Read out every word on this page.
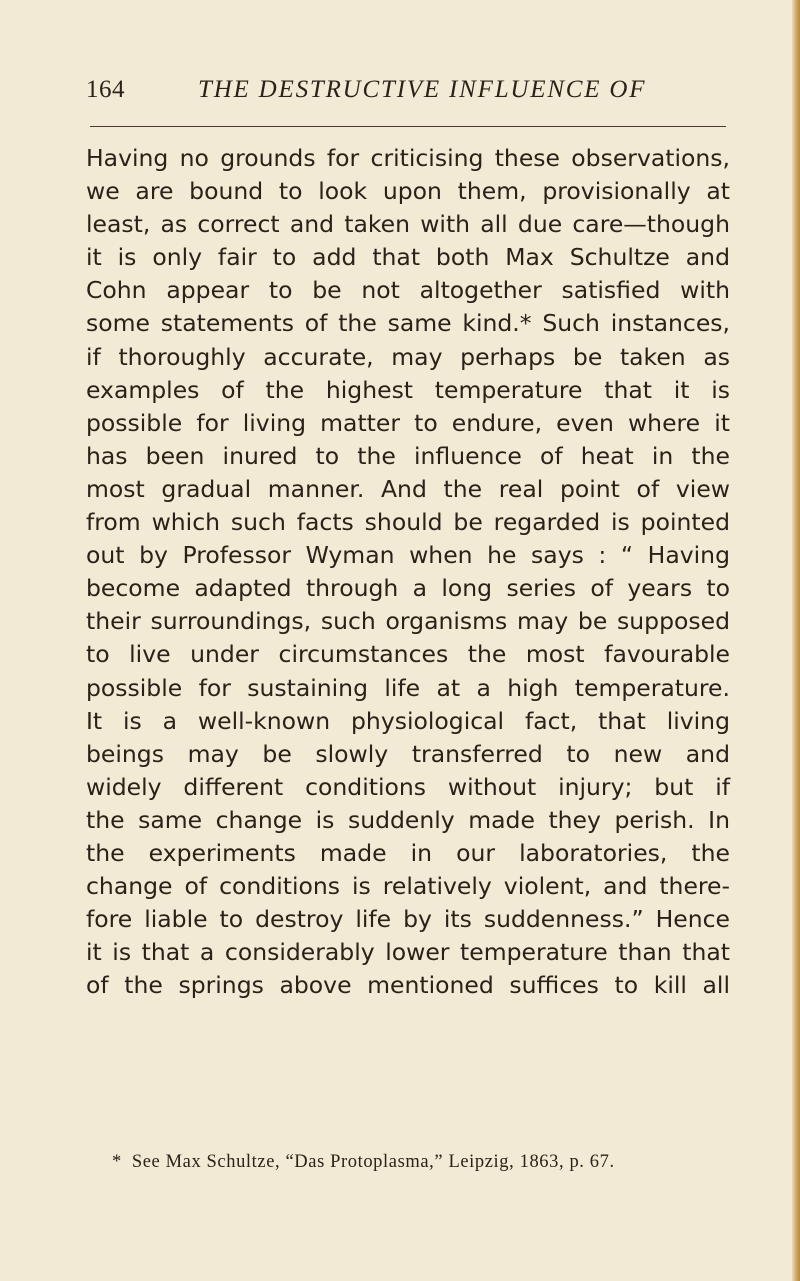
164	THE DESTRUCTIVE INFLUENCE OF
Having no grounds for criticising these observations,
we are bound to look upon them, provisionally at
least, as correct and taken with all due care—though
it is only fair to add that both Max Schultze and
Cohn appear to be not altogether satisfied with
some statements of the same kind.* Such instances,
if thoroughly accurate, may perhaps be taken as
examples of the highest temperature that it is
possible for living matter to endure, even where it
has been inured to the influence of heat in the
most gradual manner. And the real point of view
from which such facts should be regarded is pointed
out by Professor Wyman when he says : “ Having
become adapted through a long series of years to
their surroundings, such organisms may be supposed
to live under circumstances the most favourable
possible for sustaining life at a high temperature.
It is a well-known physiological fact, that living
beings may be slowly transferred to new and
widely different conditions without injury; but if
the same change is suddenly made they perish. In
the experiments made in our laboratories, the
change of conditions is relatively violent, and there-
fore liable to destroy life by its suddenness.” Hence
it is that a considerably lower temperature than that
of the springs above mentioned suffices to kill all
* See Max Schultze, “Das Protoplasma,” Leipzig, 1863, p. 67.
